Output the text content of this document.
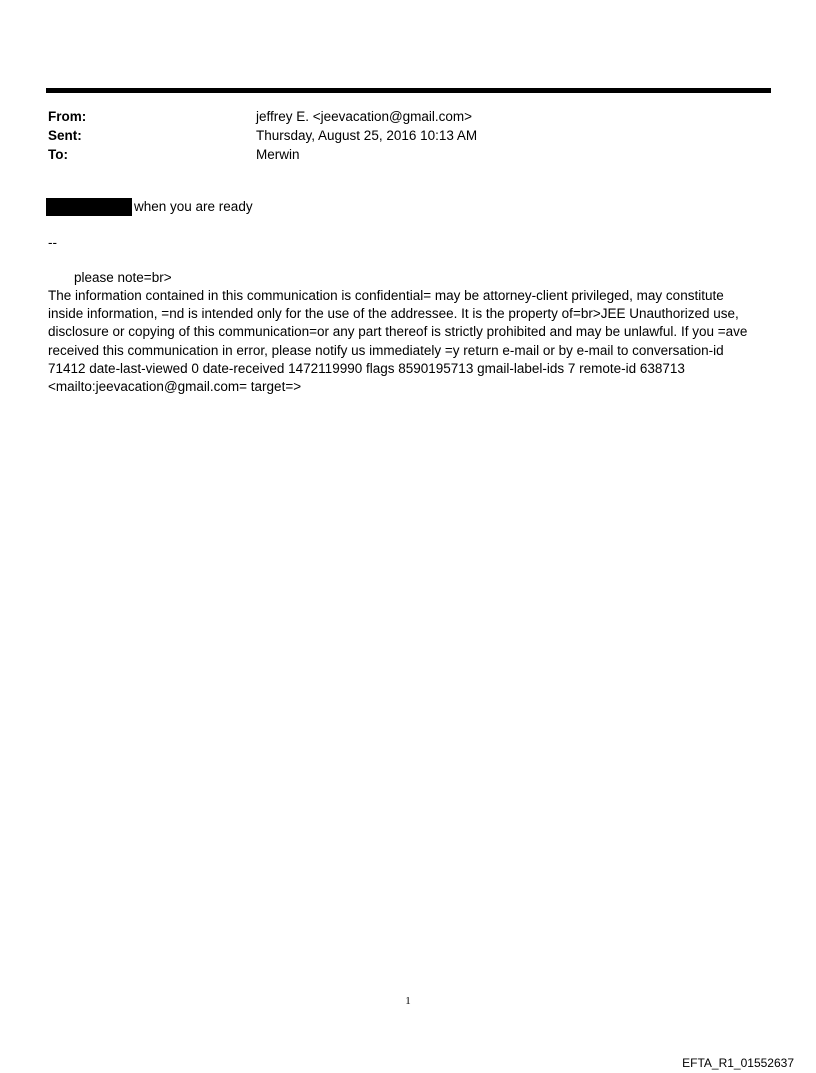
From:	jeffrey E. <jeevacation@gmail.com>
Sent:	Thursday, August 25, 2016 10:13 AM
To:	Merwin
when you are ready
--
please note=br>
The information contained in this communication is confidential= may be attorney-client privileged, may constitute
inside information, =nd is intended only for the use of the addressee. It is the property of=br>JEE Unauthorized use,
disclosure or copying of this communication=or any part thereof is strictly prohibited and may be unlawful. If you =ave
received this communication in error, please notify us immediately =y return e-mail or by e-mail to conversation-id
71412 date-last-viewed 0 date-received 1472119990 flags 8590195713 gmail-label-ids 7 remote-id 638713
<mailto:jeevacation@gmail.com= target=>
1
EFTA_R1_01552637
